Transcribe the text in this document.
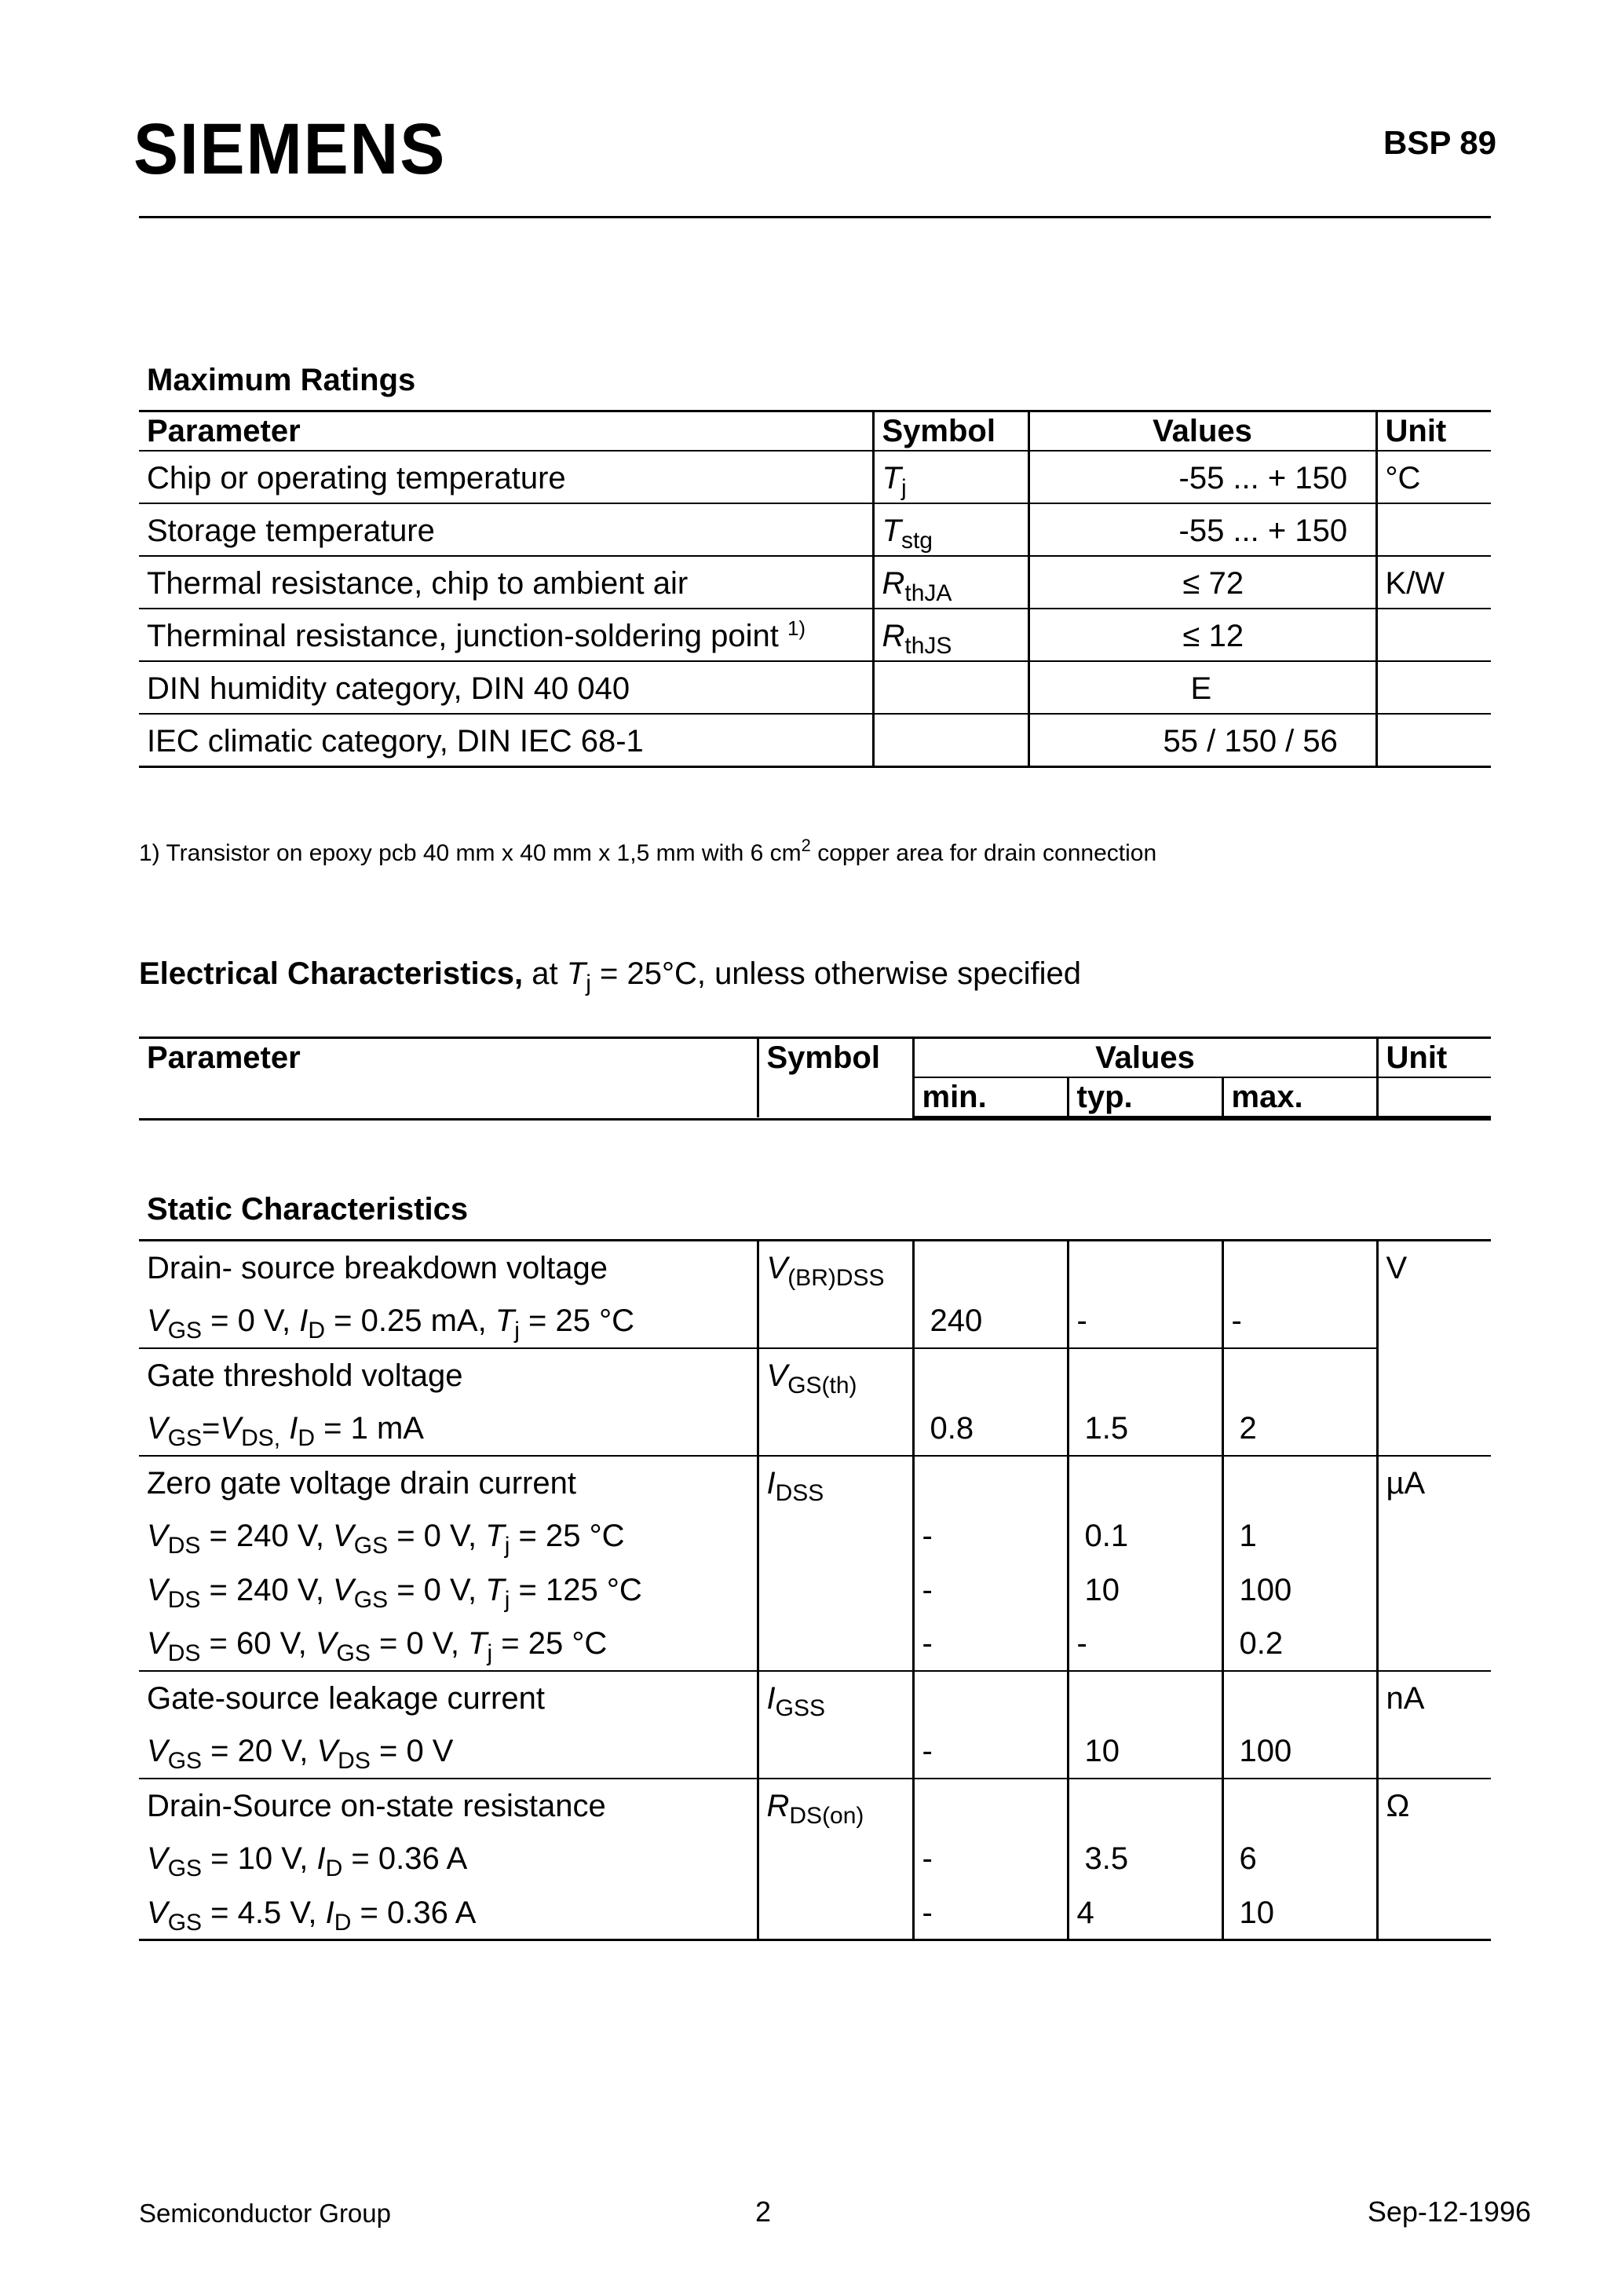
SIEMENS	BSP 89
Maximum Ratings
Parameter	Symbol	Values	Unit
Chip or operating temperature	$T_j$	-55 ... + 150	°C
Storage temperature	$T_{stg}$	-55 ... + 150	
Thermal resistance, chip to ambient air	$R_{thJA}$	≤ 72	K/W
Therminal resistance, junction-soldering point $^{1)}$	$R_{thJS}$	≤ 12	
DIN humidity category, DIN 40 040		E	
IEC climatic category, DIN IEC 68-1		55 / 150 / 56	
1) Transistor on epoxy pcb 40 mm x 40 mm x 1,5 mm with 6 $cm^2$ copper area for drain connection
Electrical Characteristics, at $T_j = 25^\circ C$, unless otherwise specified
Parameter	Symbol	Values			Unit
		min.	typ.	max.	

Static Characteristics
Drain- source breakdown voltage	$V_{(BR)DSS}$				V
$V_{GS} = 0$ V, $I_D = 0.25$ mA, $T_j = 25$ °C		240	-	-	
Gate threshold voltage	$V_{GS(th)}$				
$V_{GS}=V_{DS,}$ $I_D = 1$ mA		0.8	1.5	2	
Zero gate voltage drain current	$I_{DSS}$				µA
$V_{DS} = 240$ V, $V_{GS} = 0$ V, $T_j = 25$ °C		-	0.1	1	
$V_{DS} = 240$ V, $V_{GS} = 0$ V, $T_j = 125$ °C		-	10	100	
$V_{DS} = 60$ V, $V_{GS} = 0$ V, $T_j = 25$ °C		-	-	0.2	
Gate-source leakage current	$I_{GSS}$				nA
$V_{GS} = 20$ V, $V_{DS} = 0$ V		-	10	100	
Drain-Source on-state resistance	$R_{DS(on)}$				Ω
$V_{GS} = 10$ V, $I_D = 0.36$ A		-	3.5	6	
$V_{GS} = 4.5$ V, $I_D = 0.36$ A		-	4	10	
Semiconductor Group	2	Sep-12-1996
